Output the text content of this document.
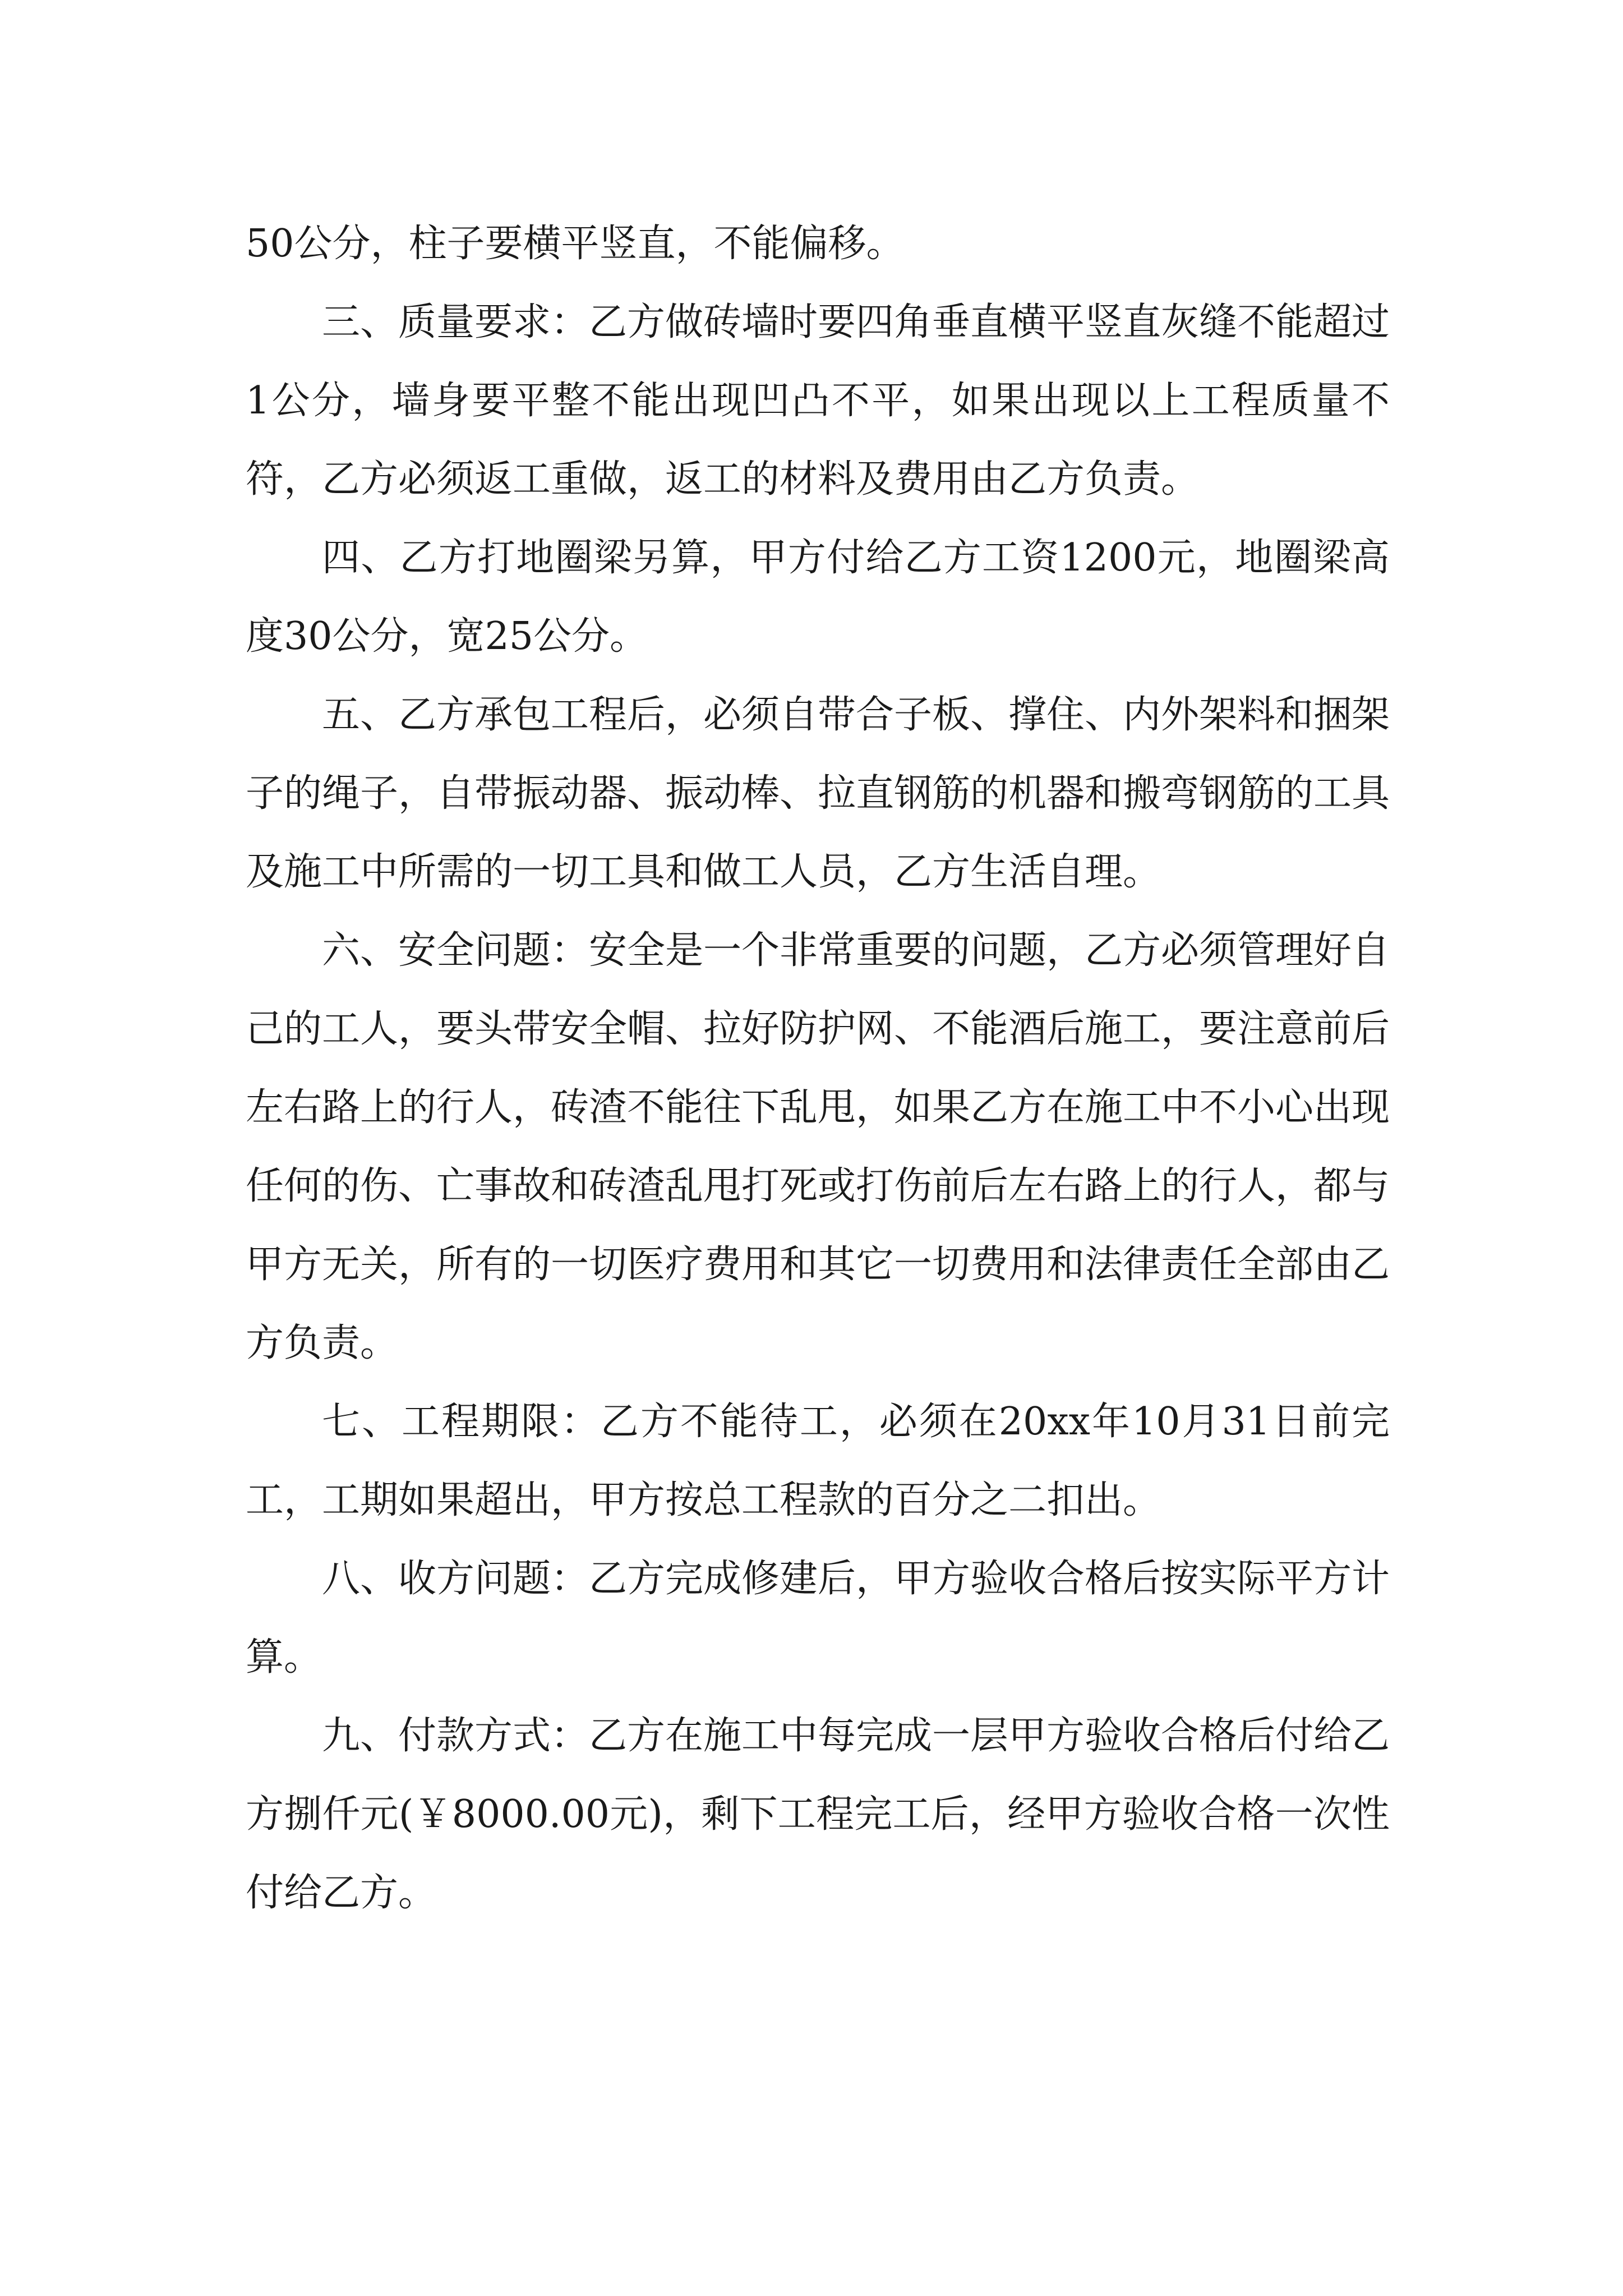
50公分，柱子要横平竖直，不能偏移。

三、质量要求：乙方做砖墙时要四角垂直横平竖直灰缝不能超过1公分，墙身要平整不能出现凹凸不平，如果出现以上工程质量不符，乙方必须返工重做，返工的材料及费用由乙方负责。

四、乙方打地圈梁另算，甲方付给乙方工资1200元，地圈梁高度30公分，宽25公分。

五、乙方承包工程后，必须自带合子板、撑住、内外架料和捆架子的绳子，自带振动器、振动棒、拉直钢筋的机器和搬弯钢筋的工具及施工中所需的一切工具和做工人员，乙方生活自理。

六、安全问题：安全是一个非常重要的问题，乙方必须管理好自己的工人，要头带安全帽、拉好防护网、不能酒后施工，要注意前后左右路上的行人，砖渣不能往下乱甩，如果乙方在施工中不小心出现任何的伤、亡事故和砖渣乱甩打死或打伤前后左右路上的行人，都与甲方无关，所有的一切医疗费用和其它一切费用和法律责任全部由乙方负责。

七、工程期限：乙方不能待工，必须在20xx年10月31日前完工，工期如果超出，甲方按总工程款的百分之二扣出。

八、收方问题：乙方完成修建后，甲方验收合格后按实际平方计算。

九、付款方式：乙方在施工中每完成一层甲方验收合格后付给乙方捌仟元(￥8000.00元)，剩下工程完工后，经甲方验收合格一次性付给乙方。
